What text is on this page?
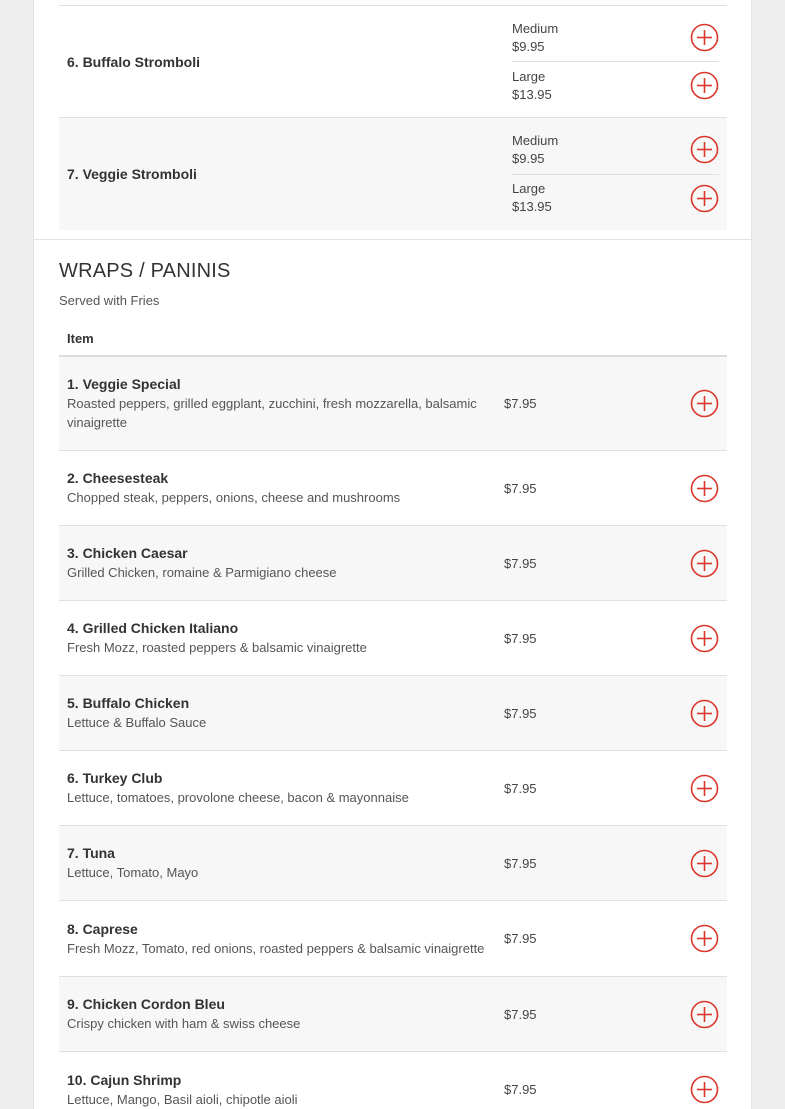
6. Buffalo Stromboli
Medium
$9.95
Large
$13.95
7. Veggie Stromboli
Medium
$9.95
Large
$13.95
WRAPS / PANINIS
Served with Fries
Item
1. Veggie Special
Roasted peppers, grilled eggplant, zucchini, fresh mozzarella, balsamic vinaigrette
$7.95
2. Cheesesteak
Chopped steak, peppers, onions, cheese and mushrooms
$7.95
3. Chicken Caesar
Grilled Chicken, romaine & Parmigiano cheese
$7.95
4. Grilled Chicken Italiano
Fresh Mozz, roasted peppers & balsamic vinaigrette
$7.95
5. Buffalo Chicken
Lettuce & Buffalo Sauce
$7.95
6. Turkey Club
Lettuce, tomatoes, provolone cheese, bacon & mayonnaise
$7.95
7. Tuna
Lettuce, Tomato, Mayo
$7.95
8. Caprese
Fresh Mozz, Tomato, red onions, roasted peppers & balsamic vinaigrette
$7.95
9. Chicken Cordon Bleu
Crispy chicken with ham & swiss cheese
$7.95
10. Cajun Shrimp
Lettuce, Mango, Basil aioli, chipotle aioli
$7.95
